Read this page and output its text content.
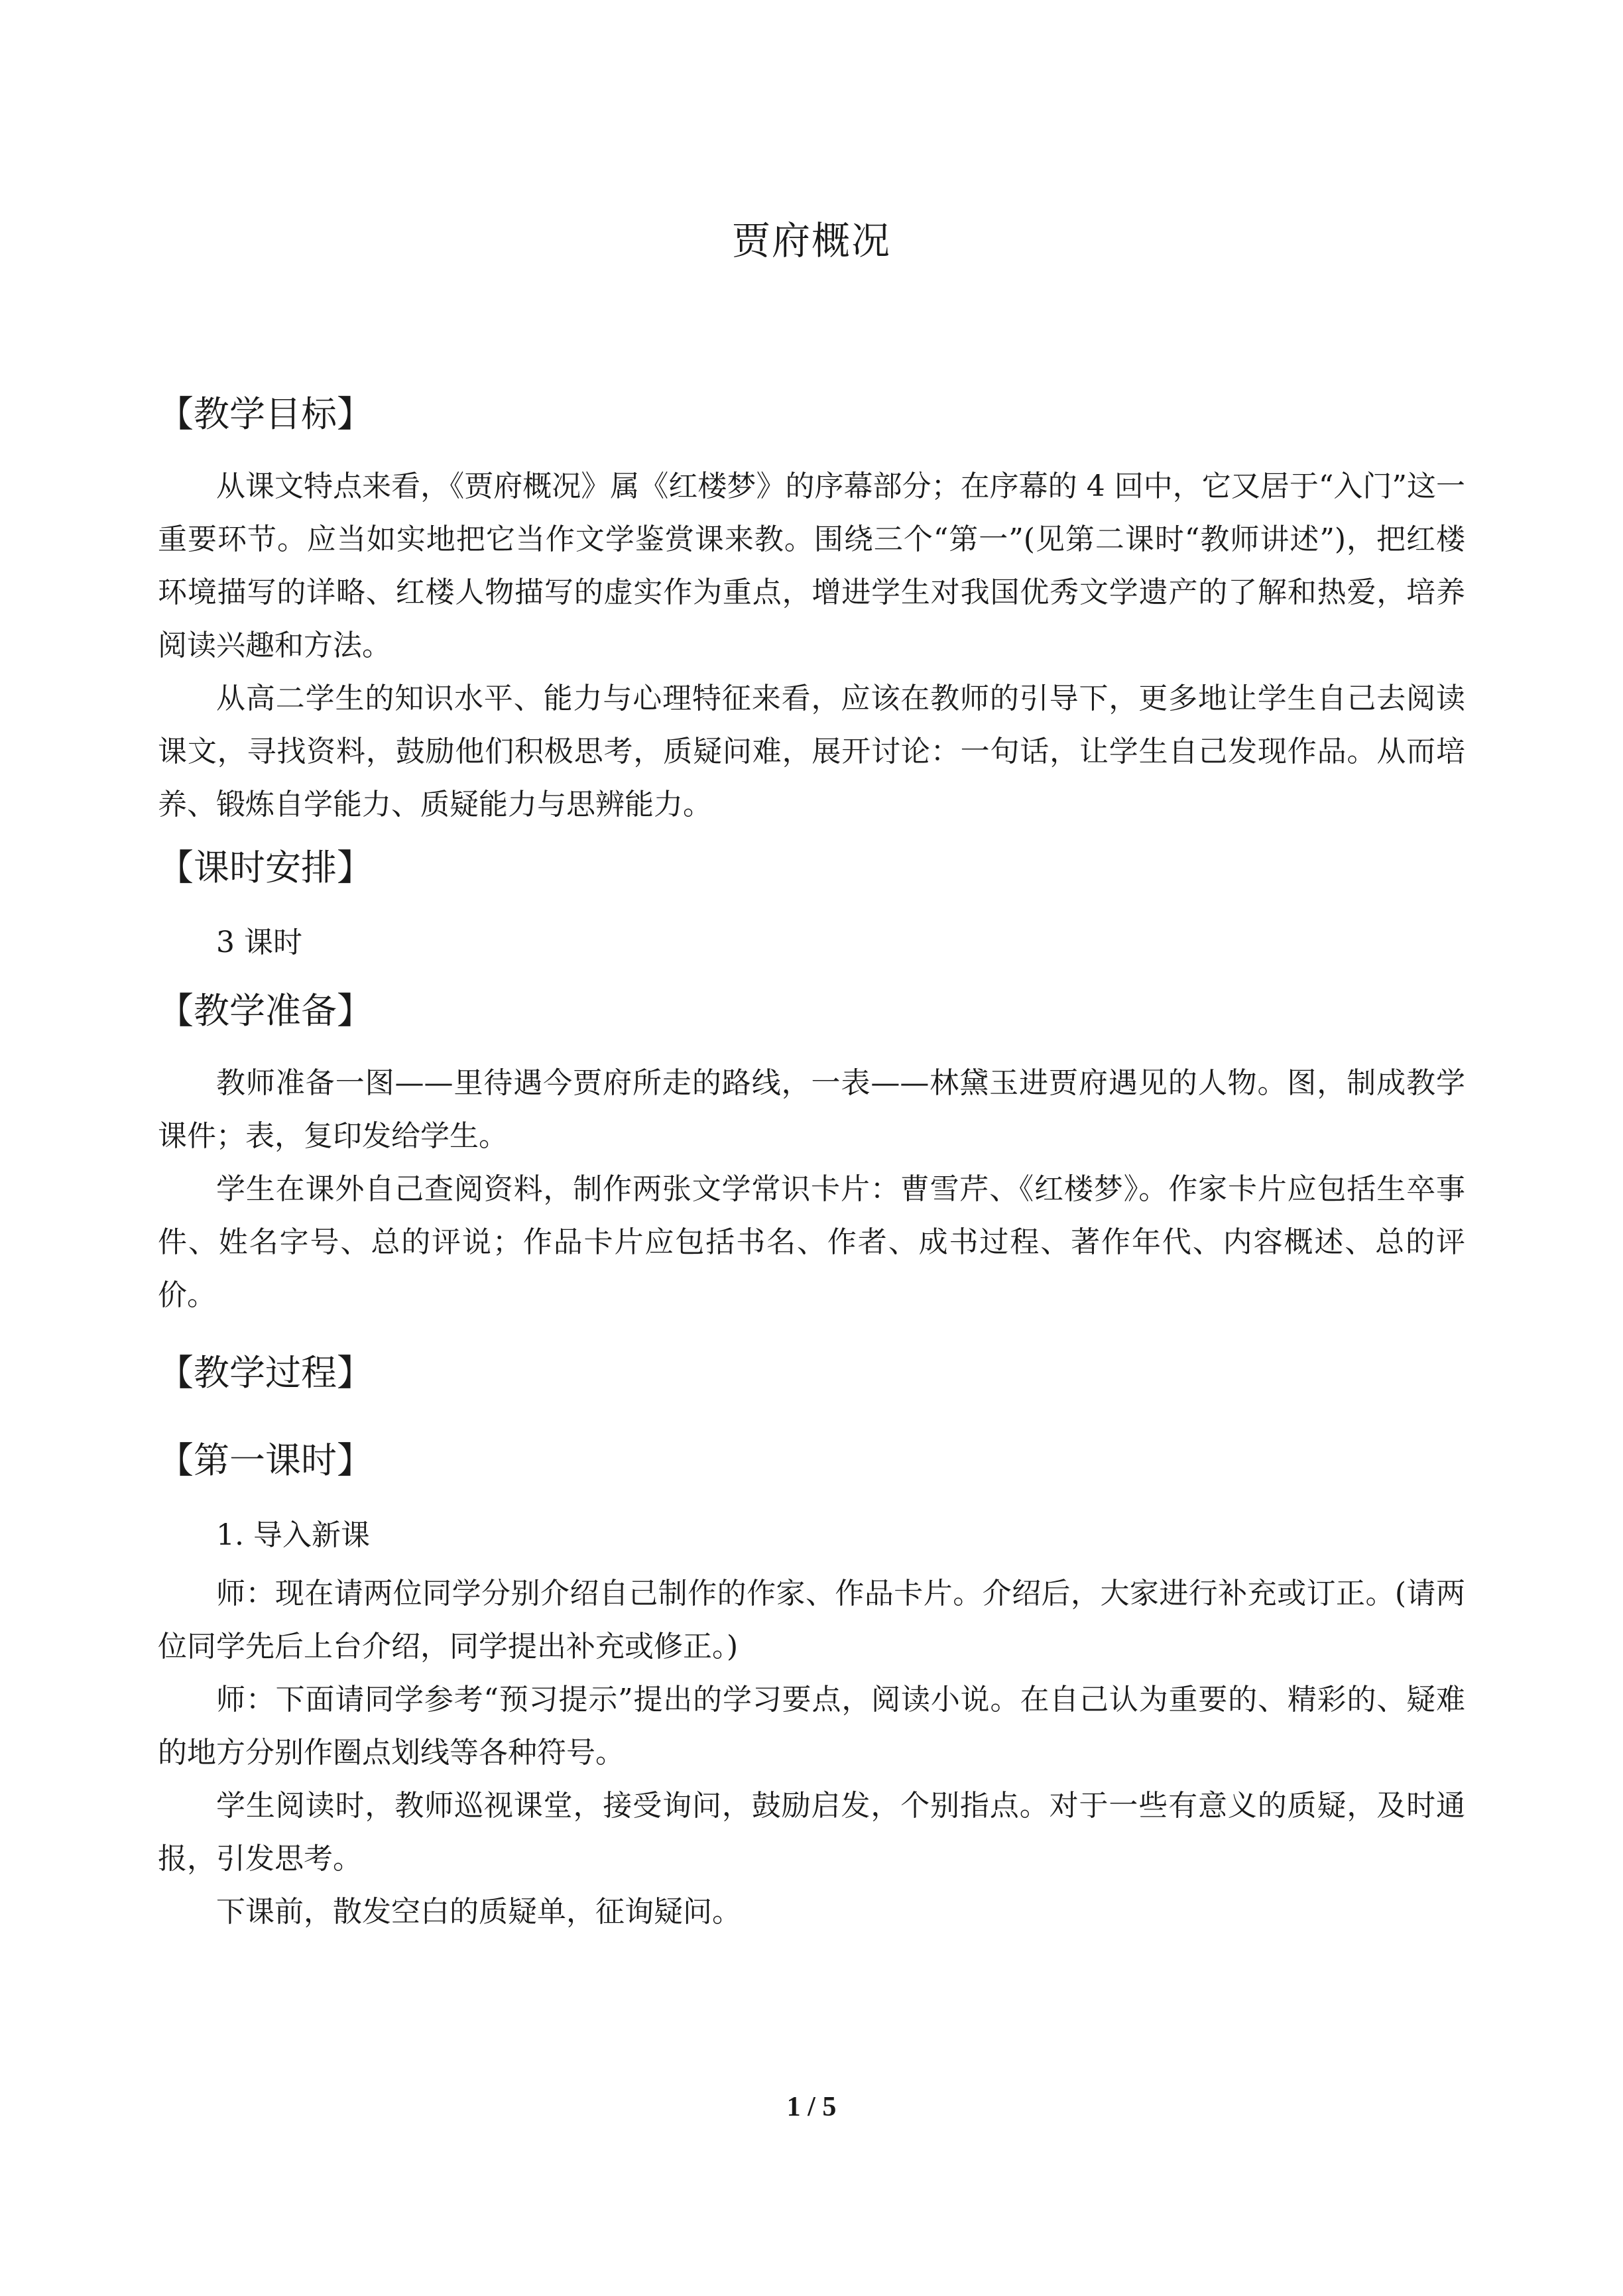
贾府概况
【教学目标】

从课文特点来看，《贾府概况》属《红楼梦》的序幕部分；在序幕的 4 回中，它又居于“入门”这一重要环节。应当如实地把它当作文学鉴赏课来教。围绕三个“第一”(见第二课时“教师讲述”)，把红楼环境描写的详略、红楼人物描写的虚实作为重点，增进学生对我国优秀文学遗产的了解和热爱，培养阅读兴趣和方法。

从高二学生的知识水平、能力与心理特征来看，应该在教师的引导下，更多地让学生自己去阅读课文，寻找资料，鼓励他们积极思考，质疑问难，展开讨论：一句话，让学生自己发现作品。从而培养、锻炼自学能力、质疑能力与思辨能力。

【课时安排】

3 课时

【教学准备】

教师准备一图——里待遇今贾府所走的路线，一表——林黛玉进贾府遇见的人物。图，制成教学课件；表，复印发给学生。

学生在课外自己查阅资料，制作两张文学常识卡片：曹雪芹、《红楼梦》。作家卡片应包括生卒事件、姓名字号、总的评说；作品卡片应包括书名、作者、成书过程、著作年代、内容概述、总的评价。

【教学过程】
【第一课时】

1. 导入新课

师：现在请两位同学分别介绍自己制作的作家、作品卡片。介绍后，大家进行补充或订正。(请两位同学先后上台介绍，同学提出补充或修正。)

师：下面请同学参考“预习提示”提出的学习要点，阅读小说。在自己认为重要的、精彩的、疑难的地方分别作圈点划线等各种符号。

学生阅读时，教师巡视课堂，接受询问，鼓励启发，个别指点。对于一些有意义的质疑，及时通报，引发思考。

下课前，散发空白的质疑单，征询疑问。

1 / 5
